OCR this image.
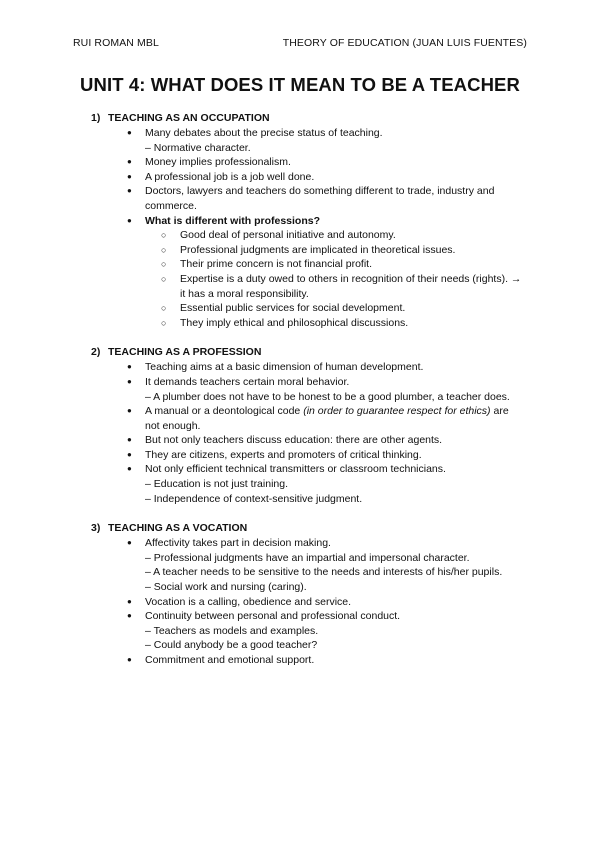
RUI ROMAN MBL	THEORY OF EDUCATION (JUAN LUIS FUENTES)
UNIT 4: WHAT DOES IT MEAN TO BE A TEACHER
1) TEACHING AS AN OCCUPATION
● Many debates about the precise status of teaching.
– Normative character.
● Money implies professionalism.
● A professional job is a job well done.
● Doctors, lawyers and teachers do something different to trade, industry and commerce.
● What is different with professions?
○ Good deal of personal initiative and autonomy.
○ Professional judgments are implicated in theoretical issues.
○ Their prime concern is not financial profit.
○ Expertise is a duty owed to others in recognition of their needs (rights). → it has a moral responsibility.
○ Essential public services for social development.
○ They imply ethical and philosophical discussions.
2) TEACHING AS A PROFESSION
● Teaching aims at a basic dimension of human development.
● It demands teachers certain moral behavior.
– A plumber does not have to be honest to be a good plumber, a teacher does.
● A manual or a deontological code (in order to guarantee respect for ethics) are not enough.
● But not only teachers discuss education: there are other agents.
● They are citizens, experts and promoters of critical thinking.
● Not only efficient technical transmitters or classroom technicians.
– Education is not just training.
– Independence of context-sensitive judgment.
3) TEACHING AS A VOCATION
● Affectivity takes part in decision making.
– Professional judgments have an impartial and impersonal character.
– A teacher needs to be sensitive to the needs and interests of his/her pupils.
– Social work and nursing (caring).
● Vocation is a calling, obedience and service.
● Continuity between personal and professional conduct.
– Teachers as models and examples.
– Could anybody be a good teacher?
● Commitment and emotional support.
